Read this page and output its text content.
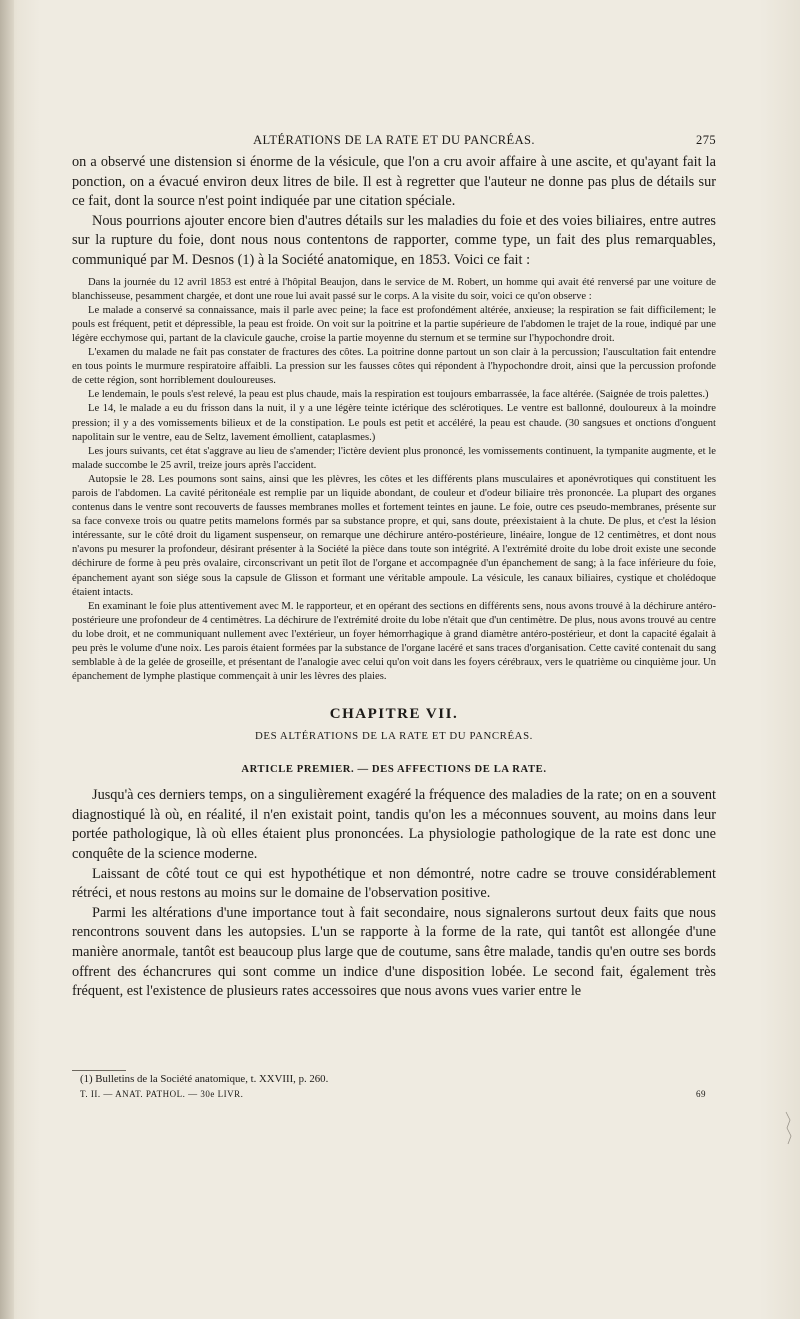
ALTÉRATIONS DE LA RATE ET DU PANCRÉAS.	275

on a observé une distension si énorme de la vésicule, que l'on a cru avoir affaire à une ascite, et qu'ayant fait la ponction, on a évacué environ deux litres de bile. Il est à regretter que l'auteur ne donne pas plus de détails sur ce fait, dont la source n'est point indiquée par une citation spéciale.

Nous pourrions ajouter encore bien d'autres détails sur les maladies du foie et des voies biliaires, entre autres sur la rupture du foie, dont nous nous contentons de rapporter, comme type, un fait des plus remarquables, communiqué par M. Desnos (1) à la Société anatomique, en 1853. Voici ce fait :

Dans la journée du 12 avril 1853 est entré à l'hôpital Beaujon, dans le service de M. Robert, un homme qui avait été renversé par une voiture de blanchisseuse, pesamment chargée, et dont une roue lui avait passé sur le corps. A la visite du soir, voici ce qu'on observe :

Le malade a conservé sa connaissance, mais il parle avec peine; la face est profondément altérée, anxieuse; la respiration se fait difficilement; le pouls est fréquent, petit et dépressible, la peau est froide. On voit sur la poitrine et la partie supérieure de l'abdomen le trajet de la roue, indiqué par une légère ecchymose qui, partant de la clavicule gauche, croise la partie moyenne du sternum et se termine sur l'hypochondre droit.

L'examen du malade ne fait pas constater de fractures des côtes. La poitrine donne partout un son clair à la percussion; l'auscultation fait entendre en tous points le murmure respiratoire affaibli. La pression sur les fausses côtes qui répondent à l'hypochondre droit, ainsi que la percussion profonde de cette région, sont horriblement douloureuses.

Le lendemain, le pouls s'est relevé, la peau est plus chaude, mais la respiration est toujours embarrassée, la face altérée. (Saignée de trois palettes.)

Le 14, le malade a eu du frisson dans la nuit, il y a une légère teinte ictérique des sclérotiques. Le ventre est ballonné, douloureux à la moindre pression; il y a des vomissements bilieux et de la constipation. Le pouls est petit et accéléré, la peau est chaude. (30 sangsues et onctions d'onguent napolitain sur le ventre, eau de Seltz, lavement émollient, cataplasmes.)

Les jours suivants, cet état s'aggrave au lieu de s'amender; l'ictère devient plus prononcé, les vomissements continuent, la tympanite augmente, et le malade succombe le 25 avril, treize jours après l'accident.

Autopsie le 28. Les poumons sont sains, ainsi que les plèvres, les côtes et les différents plans musculaires et aponévrotiques qui constituent les parois de l'abdomen. La cavité péritonéale est remplie par un liquide abondant, de couleur et d'odeur biliaire très prononcée. La plupart des organes contenus dans le ventre sont recouverts de fausses membranes molles et fortement teintes en jaune. Le foie, outre ces pseudo-membranes, présente sur sa face convexe trois ou quatre petits mamelons formés par sa substance propre, et qui, sans doute, préexistaient à la chute. De plus, et c'est la lésion intéressante, sur le côté droit du ligament suspenseur, on remarque une déchirure antéro-postérieure, linéaire, longue de 12 centimètres, et dont nous n'avons pu mesurer la profondeur, désirant présenter à la Société la pièce dans toute son intégrité. A l'extrémité droite du lobe droit existe une seconde déchirure de forme à peu près ovalaire, circonscrivant un petit îlot de l'organe et accompagnée d'un épanchement de sang; à la face inférieure du foie, épanchement ayant son siége sous la capsule de Glisson et formant une véritable ampoule. La vésicule, les canaux biliaires, cystique et cholédoque étaient intacts.

En examinant le foie plus attentivement avec M. le rapporteur, et en opérant des sections en différents sens, nous avons trouvé à la déchirure antéro-postérieure une profondeur de 4 centimètres. La déchirure de l'extrémité droite du lobe n'était que d'un centimètre. De plus, nous avons trouvé au centre du lobe droit, et ne communiquant nullement avec l'extérieur, un foyer hémorrhagique à grand diamètre antéro-postérieur, et dont la capacité égalait à peu près le volume d'une noix. Les parois étaient formées par la substance de l'organe lacéré et sans traces d'organisation. Cette cavité contenait du sang semblable à de la gelée de groseille, et présentant de l'analogie avec celui qu'on voit dans les foyers cérébraux, vers le quatrième ou cinquième jour. Un épanchement de lymphe plastique commençait à unir les lèvres des plaies.

CHAPITRE VII.
DES ALTÉRATIONS DE LA RATE ET DU PANCRÉAS.
ARTICLE PREMIER. — DES AFFECTIONS DE LA RATE.

Jusqu'à ces derniers temps, on a singulièrement exagéré la fréquence des maladies de la rate; on en a souvent diagnostiqué là où, en réalité, il n'en existait point, tandis qu'on les a méconnues souvent, au moins dans leur portée pathologique, là où elles étaient plus prononcées. La physiologie pathologique de la rate est donc une conquête de la science moderne.

Laissant de côté tout ce qui est hypothétique et non démontré, notre cadre se trouve considérablement rétréci, et nous restons au moins sur le domaine de l'observation positive.

Parmi les altérations d'une importance tout à fait secondaire, nous signalerons surtout deux faits que nous rencontrons souvent dans les autopsies. L'un se rapporte à la forme de la rate, qui tantôt est allongée d'une manière anormale, tantôt est beaucoup plus large que de coutume, sans être malade, tandis qu'en outre ses bords offrent des échancrures qui sont comme un indice d'une disposition lobée. Le second fait, également très fréquent, est l'existence de plusieurs rates accessoires que nous avons vues varier entre le

(1) Bulletins de la Société anatomique, t. XXVIII, p. 260.
T. II. — ANAT. PATHOL. — 30e LIVR.	69
